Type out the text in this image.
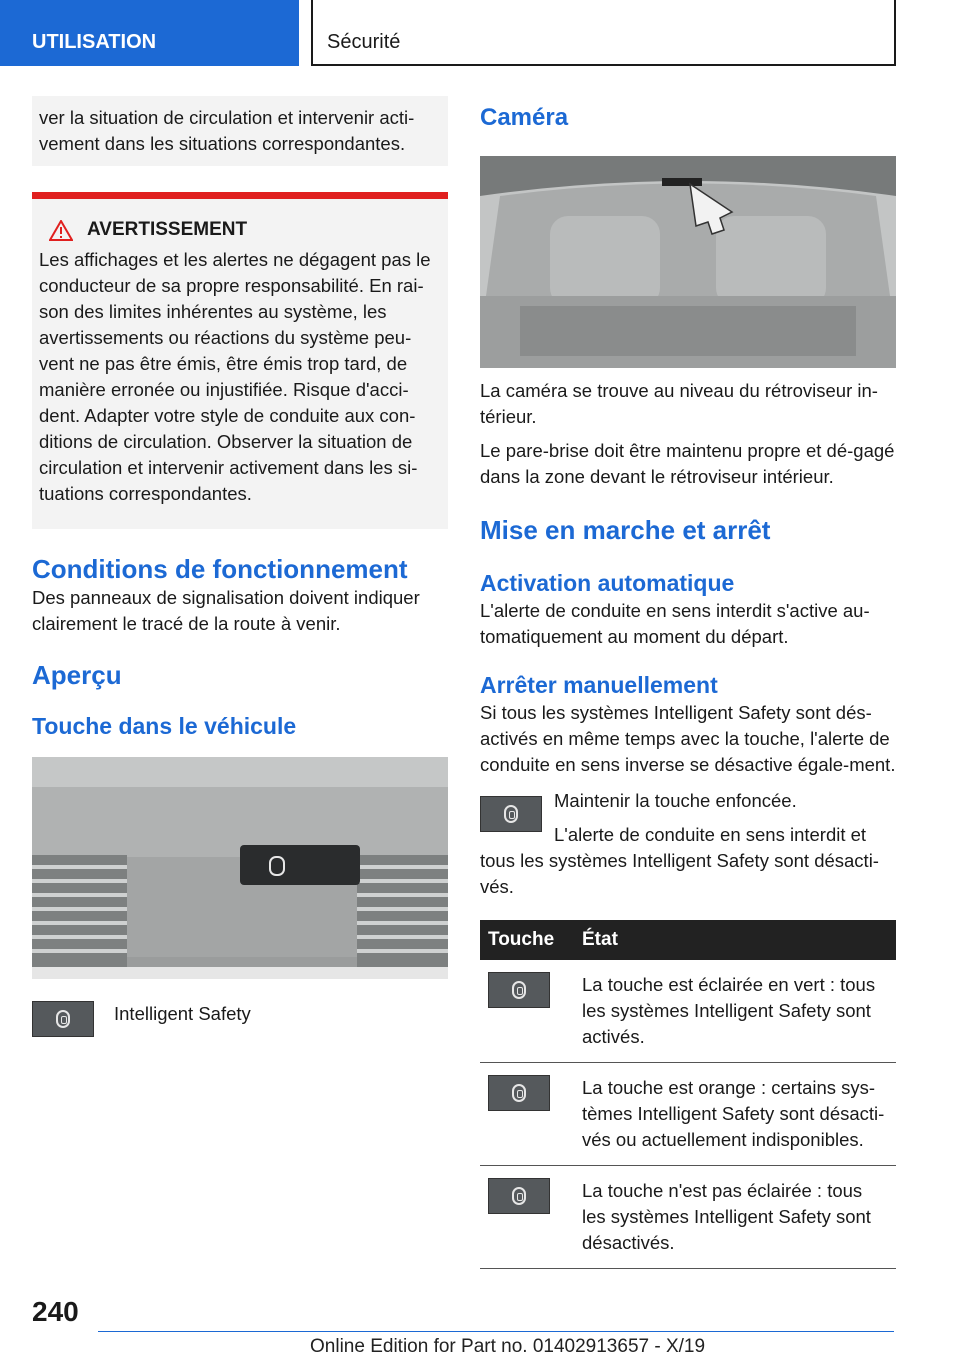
UTILISATION	Sécurité

ver la situation de circulation et intervenir acti-vement dans les situations correspondantes.

AVERTISSEMENT

Les affichages et les alertes ne dégagent pas le conducteur de sa propre responsabilité. En rai-son des limites inhérentes au système, les avertissements ou réactions du système peu-vent ne pas être émis, être émis trop tard, de manière erronée ou injustifiée. Risque d'acci-dent. Adapter votre style de conduite aux con-ditions de circulation. Observer la situation de circulation et intervenir activement dans les si-tuations correspondantes.

Conditions de fonctionnement

Des panneaux de signalisation doivent indiquer clairement le tracé de la route à venir.

Aperçu
Touche dans le véhicule

Intelligent Safety

Caméra

La caméra se trouve au niveau du rétroviseur in-térieur.

Le pare-brise doit être maintenu propre et dé-gagé dans la zone devant le rétroviseur intérieur.

Mise en marche et arrêt
Activation automatique

L'alerte de conduite en sens interdit s'active au-tomatiquement au moment du départ.

Arrêter manuellement

Si tous les systèmes Intelligent Safety sont dés-activés en même temps avec la touche, l'alerte de conduite en sens inverse se désactive égale-ment.

Maintenir la touche enfoncée.

L'alerte de conduite en sens interdit et tous les systèmes Intelligent Safety sont désacti-vés.

Touche	État

	La touche est éclairée en vert : tous les systèmes Intelligent Safety sont activés.

	La touche est orange : certains sys-tèmes Intelligent Safety sont désacti-vés ou actuellement indisponibles.

	La touche n'est pas éclairée : tous les systèmes Intelligent Safety sont désactivés.
240
Online Edition for Part no. 01402913657 - X/19
